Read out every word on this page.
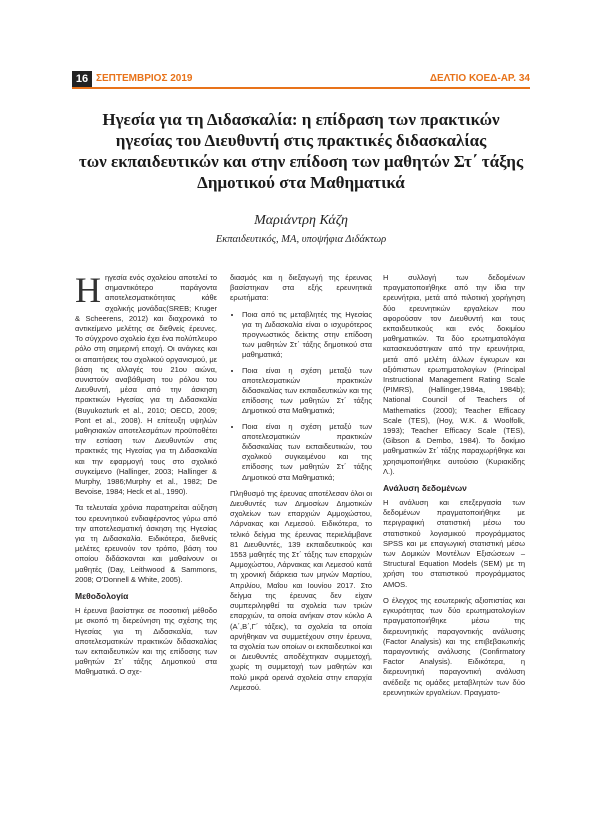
16 ΣΕΠΤΕΜΒΡΙΟΣ 2019	ΔΕΛΤΙΟ ΚΟΕΔ-ΑΡ. 34
Ηγεσία για τη Διδασκαλία: η επίδραση των πρακτικών
ηγεσίας του Διευθυντή στις πρακτικές διδασκαλίας
των εκπαιδευτικών και στην επίδοση των μαθητών Στ΄ τάξης
Δημοτικού στα Μαθηματικά
Μαριάντρη Κάζη
Εκπαιδευτικός, ΜΑ, υποψήφια Διδάκτωρ

Ηηγεσία ενός σχολείου αποτελεί το σημαντικότερο παράγοντα αποτελεσματικότητας κάθε σχολικής μονάδας(SREB; Kruger & Scheerens, 2012) και διαχρονικά το αντικείμενο μελέτης σε διεθνείς έρευνες. Το σύγχρονο σχολείο έχει ένα πολύπλευρο ρόλο στη σημερινή εποχή. Οι ανάγκες και οι απαιτήσεις του σχολικού οργανισμού, με βάση τις αλλαγές του 21ου αιώνα, συνιστούν αναβάθμιση του ρόλου του Διευθυντή, μέσα από την άσκηση πρακτικών Ηγεσίας για τη Διδασκαλία (Buyukozturk et al., 2010; OECD, 2009; Pont et al., 2008). Η επίτευξη υψηλών μαθησιακών αποτελεσμάτων προϋποθέτει την εστίαση των Διευθυντών στις πρακτικές της Ηγεσίας για τη Διδασκαλία και την εφαρμογή τους στο σχολικό συγκείμενο (Hallinger, 2003; Hallinger & Murphy, 1986;Murphy et al., 1982; De Bevoise, 1984; Heck et al., 1990).

Τα τελευταία χρόνια παρατηρείται αύξηση του ερευνητικού ενδιαφέροντος γύρω από την αποτελεσματική άσκηση της Ηγεσίας για τη Διδασκαλία. Ειδικότερα, διεθνείς μελέτες ερευνούν τον τρόπο, βάση του οποίου διδάσκονται και μαθαίνουν οι μαθητές (Day, Leithwood & Sammons, 2008; O’Donnell & White, 2005).

Μεθοδολογία

Η έρευνα βασίστηκε σε ποσοτική μέθοδο με σκοπό τη διερεύνηση της σχέσης της Ηγεσίας για τη Διδασκαλία, των αποτελεσματικών πρακτικών διδασκαλίας των εκπαιδευτικών και της επίδοσης των μαθητών Στ΄ τάξης Δημοτικού στα Μαθηματικά. Ο σχε-

διασμός και η διεξαγωγή της έρευνας βασίστηκαν στα εξής ερευνητικά ερωτήματα:

• Ποια από τις μεταβλητές της Ηγεσίας για τη Διδασκαλία είναι ο ισχυρότερος προγνωστικός δείκτης στην επίδοση των μαθητών Στ΄ τάξης δημοτικού στα μαθηματικά;
• Ποια είναι η σχέση μεταξύ των αποτελεσματικών πρακτικών διδασκαλίας των εκπαιδευτικών και της επίδοσης των μαθητών Στ΄ τάξης Δημοτικού στα Μαθηματικά;
• Ποια είναι η σχέση μεταξύ των αποτελεσματικών πρακτικών διδασκαλίας των εκπαιδευτικών, του σχολικού συγκειμένου και της επίδοσης των μαθητών Στ΄ τάξης Δημοτικού στα Μαθηματικά;

Πληθυσμό της έρευνας αποτέλεσαν όλοι οι Διευθυντές των Δημοσίων Δημοτικών σχολείων των επαρχιών Αμμοχώστου, Λάρνακας και Λεμεσού. Ειδικότερα, το τελικό δείγμα της έρευνας περιελάμβανε 81 Διευθυντές, 139 εκπαιδευτικούς και 1553 μαθητές της Στ΄ τάξης των επαρχιών Αμμοχώστου, Λάρνακας και Λεμεσού κατά τη χρονική διάρκεια των μηνών Μαρτίου, Απριλίου, Μαΐου και Ιουνίου 2017. Στο δείγμα της έρευνας δεν είχαν συμπεριληφθεί τα σχολεία των τριών επαρχιών, τα οποία ανήκαν στον κύκλο Α (Α΄,Β΄,Γ΄ τάξεις), τα σχολεία τα οποία αρνήθηκαν να συμμετέχουν στην έρευνα, τα σχολεία των οποίων οι εκπαιδευτικοί και οι Διευθυντές αποδέχτηκαν συμμετοχή, χωρίς τη συμμετοχή των μαθητών και πολύ μικρά ορεινά σχολεία στην επαρχία Λεμεσού.

Η συλλογή των δεδομένων πραγματοποιήθηκε από την ίδια την ερευνήτρια, μετά από πιλοτική χορήγηση δύο ερευνητικών εργαλείων που αφορούσαν τον Διευθυντή και τους εκπαιδευτικούς και ενός δοκιμίου μαθηματικών. Τα δύο ερωτηματολόγια κατασκευάστηκαν από την ερευνήτρια, μετά από μελέτη άλλων έγκυρων και αξιόπιστων ερωτηματολογίων (Principal Instructional Management Rating Scale (PIMRS), (Hallinger,1984a, 1984b); National Council of Teachers of Mathematics (2000); Teacher Efficacy Scale (TES), (Hoy, W.K. & Woolfolk, 1993); Teacher Efficacy Scale (TES), (Gibson & Dembo, 1984). Το δοκίμιο μαθηματικών Στ΄ τάξης παραχωρήθηκε και χρησιμοποιήθηκε αυτούσιο (Κυριακίδης Λ.).

Ανάλυση δεδομένων

Η ανάλυση και επεξεργασία των δεδομένων πραγματοποιήθηκε με περιγραφική στατιστική μέσω του στατιστικού λογισμικού προγράμματος SPSS και με επαγωγική στατιστική μέσω των Δομικών Μοντέλων Εξισώσεων – Structural Equation Models (SEM) με τη χρήση του στατιστικού προγράμματος AMOS.

Ο έλεγχος της εσωτερικής αξιοπιστίας και εγκυρότητας των δύο ερωτηματολογίων πραγματοποιήθηκε μέσω της διερευνητικής παραγοντικής ανάλυσης (Factor Analysis) και της επιβεβαιωτικής παραγοντικής ανάλυσης (Confirmatory Factor Analysis). Ειδικότερα, η διερευνητική παραγοντική ανάλυση ανέδειξε τις ομάδες μεταβλητών των δύο ερευνητικών εργαλείων. Πραγματο-
